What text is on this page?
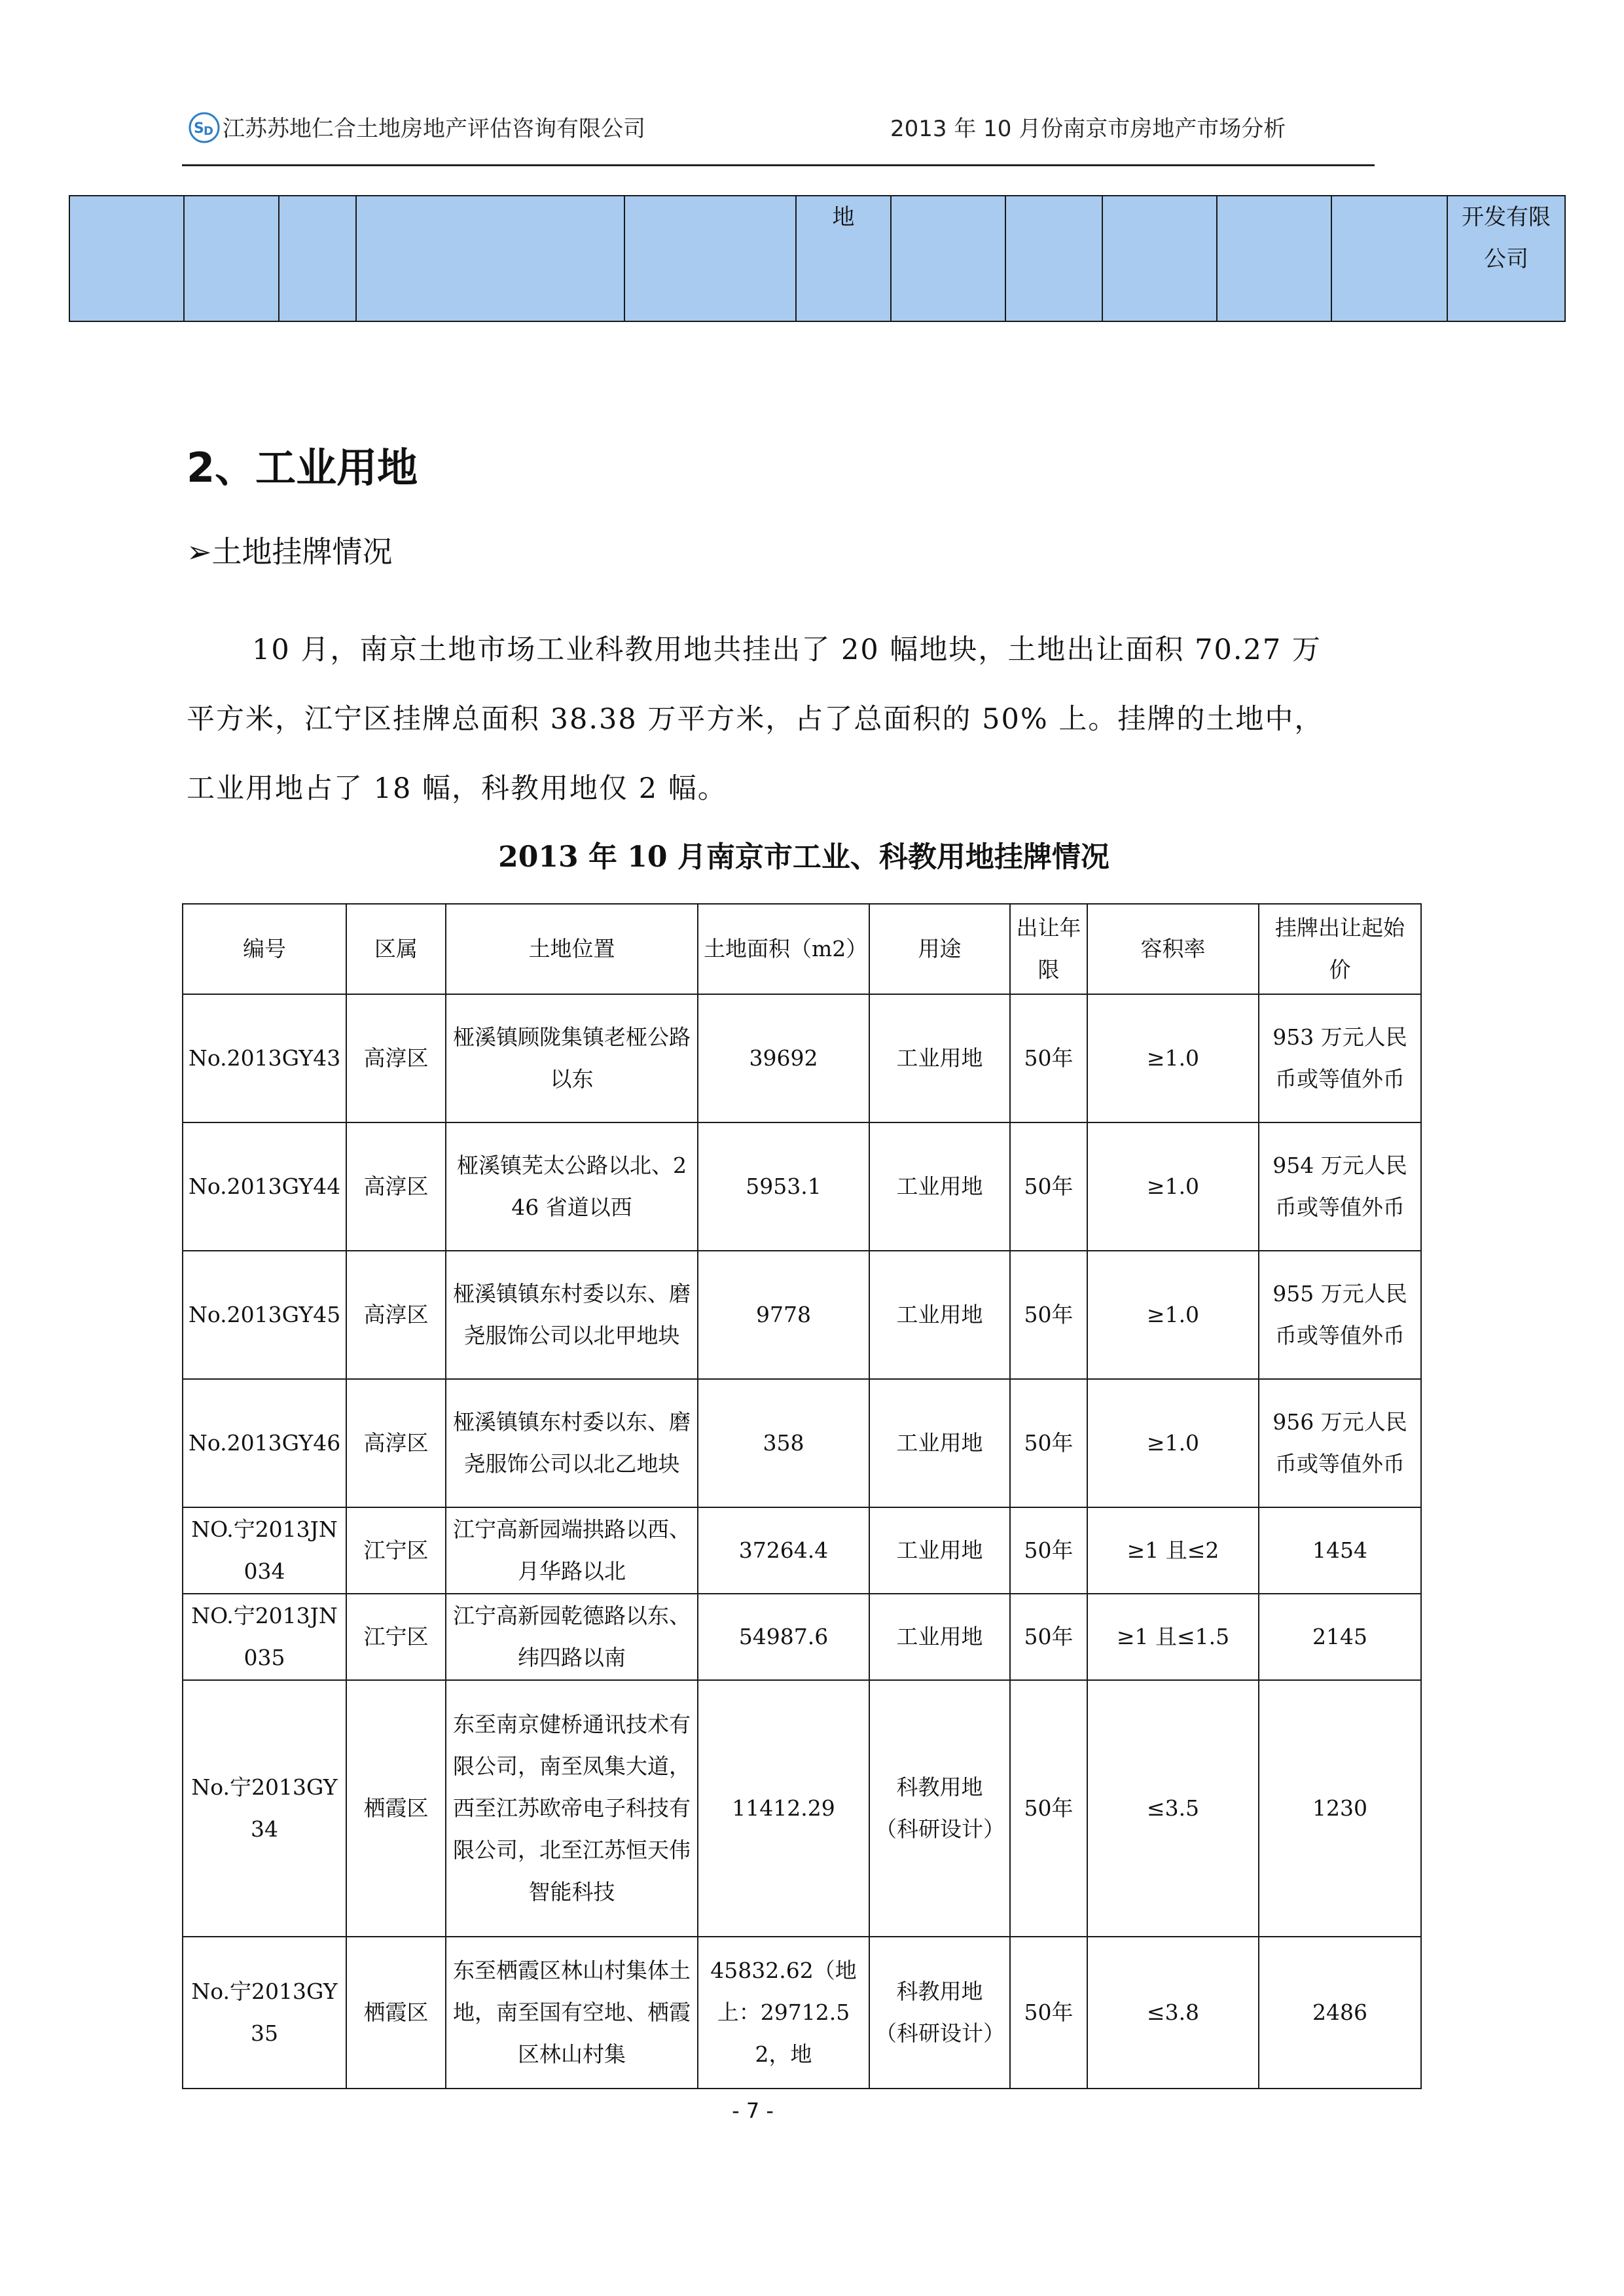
S D 江苏苏地仁合土地房地产评估咨询有限公司	2013 年 10 月份南京市房地产市场分析
					地						开发有限公司
2、工业用地
➢土地挂牌情况
10 月，南京土地市场工业科教用地共挂出了 20 幅地块，土地出让面积 70.27 万
平方米，江宁区挂牌总面积 38.38 万平方米，占了总面积的 50% 上。挂牌的土地中，
工业用地占了 18 幅，科教用地仅 2 幅。
2013 年 10 月南京市工业、科教用地挂牌情况
编号	区属	土地位置	土地面积（m2）	用途	出让年限	容积率	挂牌出让起始价
No.2013GY43	高淳区	桠溪镇顾陇集镇老桠公路以东	39692	工业用地	50年	≥1.0	953 万元人民币或等值外币
No.2013GY44	高淳区	桠溪镇芜太公路以北、246 省道以西	5953.1	工业用地	50年	≥1.0	954 万元人民币或等值外币
No.2013GY45	高淳区	桠溪镇镇东村委以东、磨尧服饰公司以北甲地块	9778	工业用地	50年	≥1.0	955 万元人民币或等值外币
No.2013GY46	高淳区	桠溪镇镇东村委以东、磨尧服饰公司以北乙地块	358	工业用地	50年	≥1.0	956 万元人民币或等值外币
NO.宁2013JN034	江宁区	江宁高新园端拱路以西、月华路以北	37264.4	工业用地	50年	≥1 且≤2	1454
NO.宁2013JN035	江宁区	江宁高新园乾德路以东、纬四路以南	54987.6	工业用地	50年	≥1 且≤1.5	2145
No.宁2013GY34	栖霞区	东至南京健桥通讯技术有限公司，南至凤集大道，西至江苏欧帝电子科技有限公司，北至江苏恒天伟智能科技	11412.29	科教用地（科研设计）	50年	≤3.5	1230
No.宁2013GY35	栖霞区	东至栖霞区林山村集体土地，南至国有空地、栖霞区林山村集	45832.62（地上：29712.52，地	科教用地（科研设计）	50年	≤3.8	2486
- 7 -
